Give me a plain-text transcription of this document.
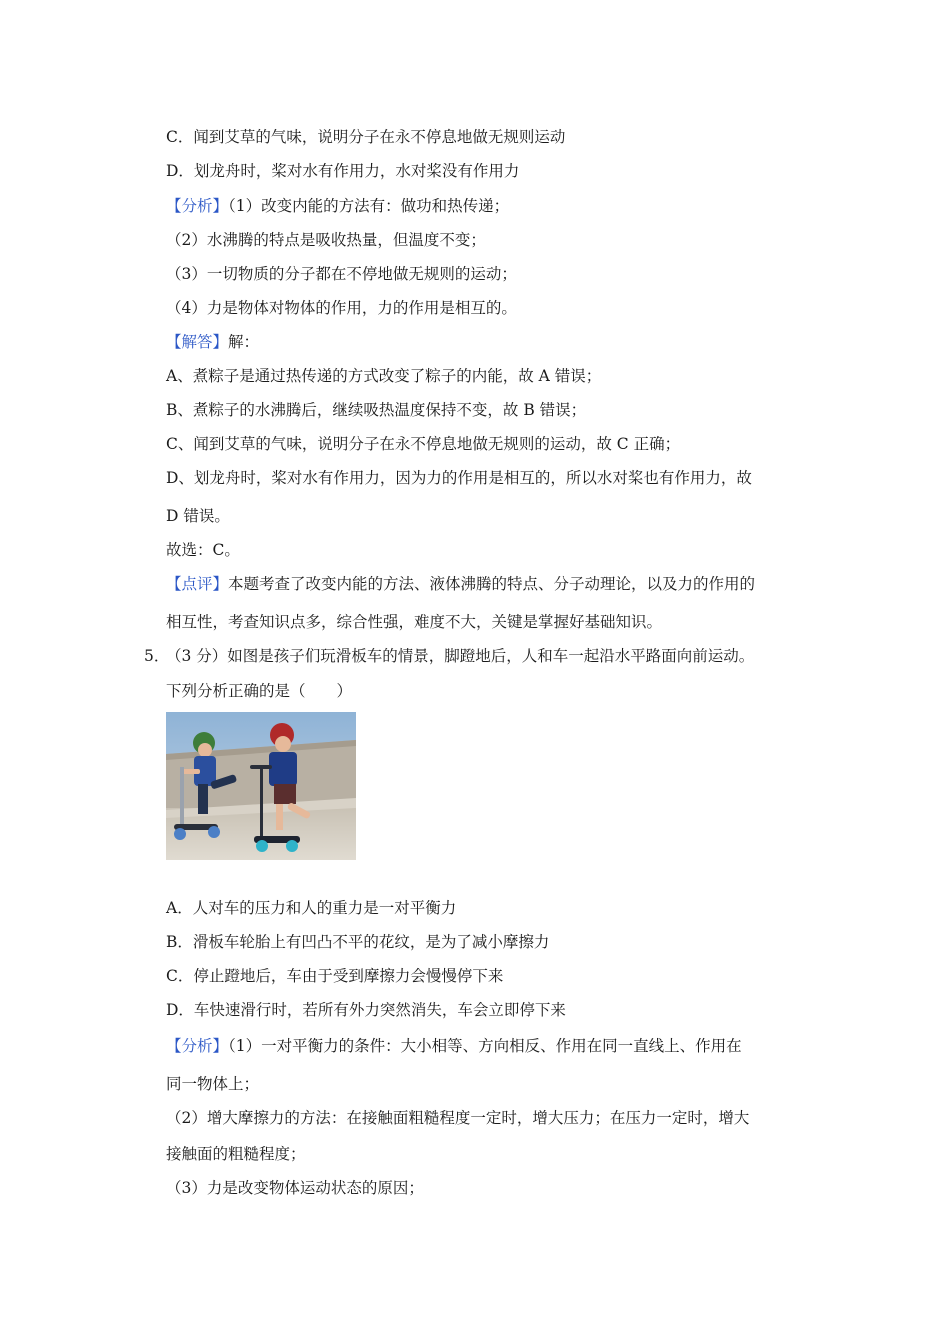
C．闻到艾草的气味，说明分子在永不停息地做无规则运动
D．划龙舟时，桨对水有作用力，水对桨没有作用力
【分析】（1）改变内能的方法有：做功和热传递；
（2）水沸腾的特点是吸收热量，但温度不变；
（3）一切物质的分子都在不停地做无规则的运动；
（4）力是物体对物体的作用，力的作用是相互的。
【解答】解：
A、煮粽子是通过热传递的方式改变了粽子的内能，故 A 错误；
B、煮粽子的水沸腾后，继续吸热温度保持不变，故 B 错误；
C、闻到艾草的气味，说明分子在永不停息地做无规则的运动，故 C 正确；
D、划龙舟时，桨对水有作用力，因为力的作用是相互的，所以水对桨也有作用力，故
D 错误。
故选：C。
【点评】本题考查了改变内能的方法、液体沸腾的特点、分子动理论，以及力的作用的
相互性，考查知识点多，综合性强，难度不大，关键是掌握好基础知识。
5．
（3 分）如图是孩子们玩滑板车的情景，脚蹬地后，人和车一起沿水平路面向前运动。
下列分析正确的是（　　）
A．人对车的压力和人的重力是一对平衡力
B．滑板车轮胎上有凹凸不平的花纹，是为了减小摩擦力
C．停止蹬地后，车由于受到摩擦力会慢慢停下来
D．车快速滑行时，若所有外力突然消失，车会立即停下来
【分析】（1）一对平衡力的条件：大小相等、方向相反、作用在同一直线上、作用在
同一物体上；
（2）增大摩擦力的方法：在接触面粗糙程度一定时，增大压力；在压力一定时，增大
接触面的粗糙程度；
（3）力是改变物体运动状态的原因；
